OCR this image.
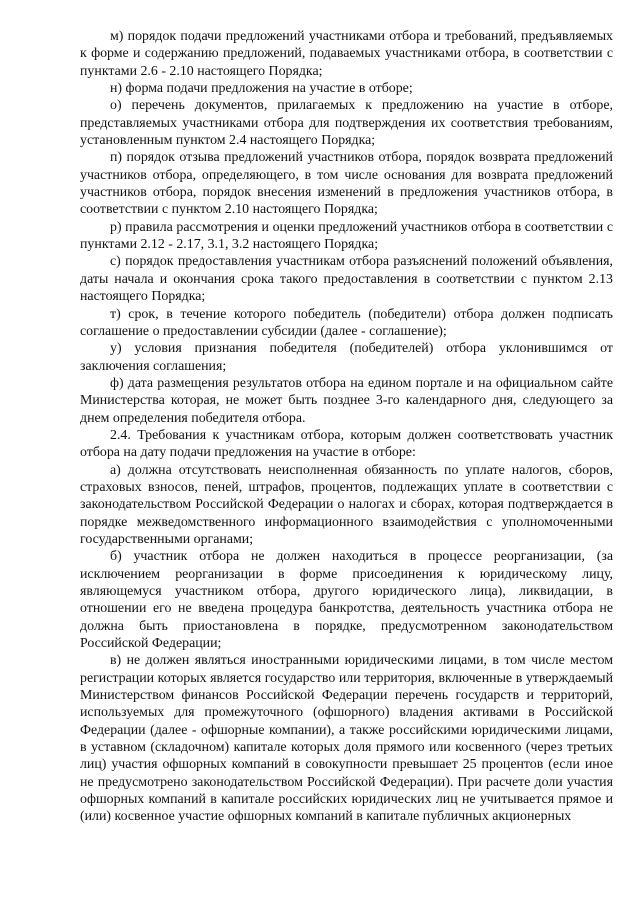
м) порядок подачи предложений участниками отбора и требований, предъявляемых к форме и содержанию предложений, подаваемых участниками отбора, в соответствии с пунктами 2.6 - 2.10 настоящего Порядка;

н) форма подачи предложения на участие в отборе;

о) перечень документов, прилагаемых к предложению на участие в отборе, представляемых участниками отбора для подтверждения их соответствия требованиям, установленным пунктом 2.4 настоящего Порядка;

п) порядок отзыва предложений участников отбора, порядок возврата предложений участников отбора, определяющего, в том числе основания для возврата предложений участников отбора, порядок внесения изменений в предложения участников отбора, в соответствии с пунктом 2.10 настоящего Порядка;

р) правила рассмотрения и оценки предложений участников отбора в соответствии с пунктами 2.12 - 2.17, 3.1, 3.2 настоящего Порядка;

с) порядок предоставления участникам отбора разъяснений положений объявления, даты начала и окончания срока такого предоставления в соответствии с пунктом 2.13 настоящего Порядка;

т) срок, в течение которого победитель (победители) отбора должен подписать соглашение о предоставлении субсидии (далее - соглашение);

у) условия признания победителя (победителей) отбора уклонившимся от заключения соглашения;

ф) дата размещения результатов отбора на едином портале и на официальном сайте Министерства которая, не может быть позднее 3-го календарного дня, следующего за днем определения победителя отбора.

2.4. Требования к участникам отбора, которым должен соответствовать участник отбора на дату подачи предложения на участие в отборе:

а) должна отсутствовать неисполненная обязанность по уплате налогов, сборов, страховых взносов, пеней, штрафов, процентов, подлежащих уплате в соответствии с законодательством Российской Федерации о налогах и сборах, которая подтверждается в порядке межведомственного информационного взаимодействия с уполномоченными государственными органами;

б) участник отбора не должен находиться в процессе реорганизации, (за исключением реорганизации в форме присоединения к юридическому лицу, являющемуся участником отбора, другого юридического лица), ликвидации, в отношении его не введена процедура банкротства, деятельность участника отбора не должна быть приостановлена в порядке, предусмотренном законодательством Российской Федерации;

в) не должен являться иностранными юридическими лицами, в том числе местом регистрации которых является государство или территория, включенные в утверждаемый Министерством финансов Российской Федерации перечень государств и территорий, используемых для промежуточного (офшорного) владения активами в Российской Федерации (далее - офшорные компании), а также российскими юридическими лицами, в уставном (складочном) капитале которых доля прямого или косвенного (через третьих лиц) участия офшорных компаний в совокупности превышает 25 процентов (если иное не предусмотрено законодательством Российской Федерации). При расчете доли участия офшорных компаний в капитале российских юридических лиц не учитывается прямое и (или) косвенное участие офшорных компаний в капитале публичных акционерных
